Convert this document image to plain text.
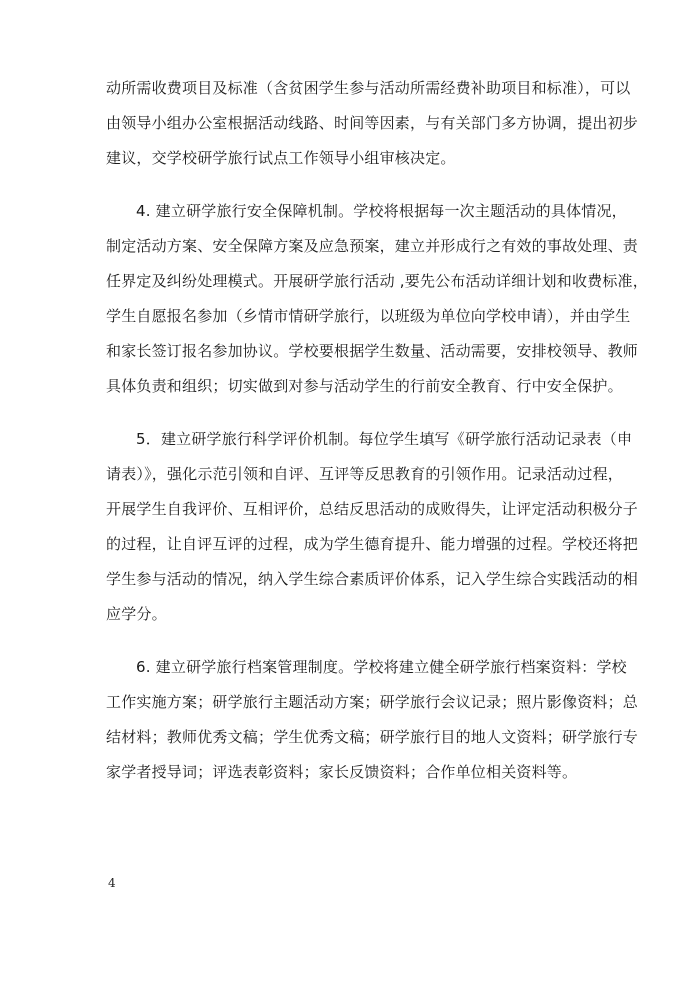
动所需收费项目及标准（含贫困学生参与活动所需经费补助项目和标准），可以
由领导小组办公室根据活动线路、时间等因素，与有关部门多方协调，提出初步
建议，交学校研学旅行试点工作领导小组审核决定。
4. 建立研学旅行安全保障机制。学校将根据每一次主题活动的具体情况，
制定活动方案、安全保障方案及应急预案，建立并形成行之有效的事故处理、责
任界定及纠纷处理模式。开展研学旅行活动 ,要先公布活动详细计划和收费标准，
学生自愿报名参加（乡情市情研学旅行，以班级为单位向学校申请），并由学生
和家长签订报名参加协议。学校要根据学生数量、活动需要，安排校领导、教师
具体负责和组织；切实做到对参与活动学生的行前安全教育、行中安全保护。
5．建立研学旅行科学评价机制。每位学生填写《研学旅行活动记录表（申
请表）》，强化示范引领和自评、互评等反思教育的引领作用。记录活动过程，
开展学生自我评价、互相评价，总结反思活动的成败得失，让评定活动积极分子
的过程，让自评互评的过程，成为学生德育提升、能力增强的过程。学校还将把
学生参与活动的情况，纳入学生综合素质评价体系，记入学生综合实践活动的相
应学分。
6. 建立研学旅行档案管理制度。学校将建立健全研学旅行档案资料：学校
工作实施方案；研学旅行主题活动方案；研学旅行会议记录；照片影像资料；总
结材料；教师优秀文稿；学生优秀文稿；研学旅行目的地人文资料；研学旅行专
家学者授导词；评选表彰资料；家长反馈资料；合作单位相关资料等。
4
